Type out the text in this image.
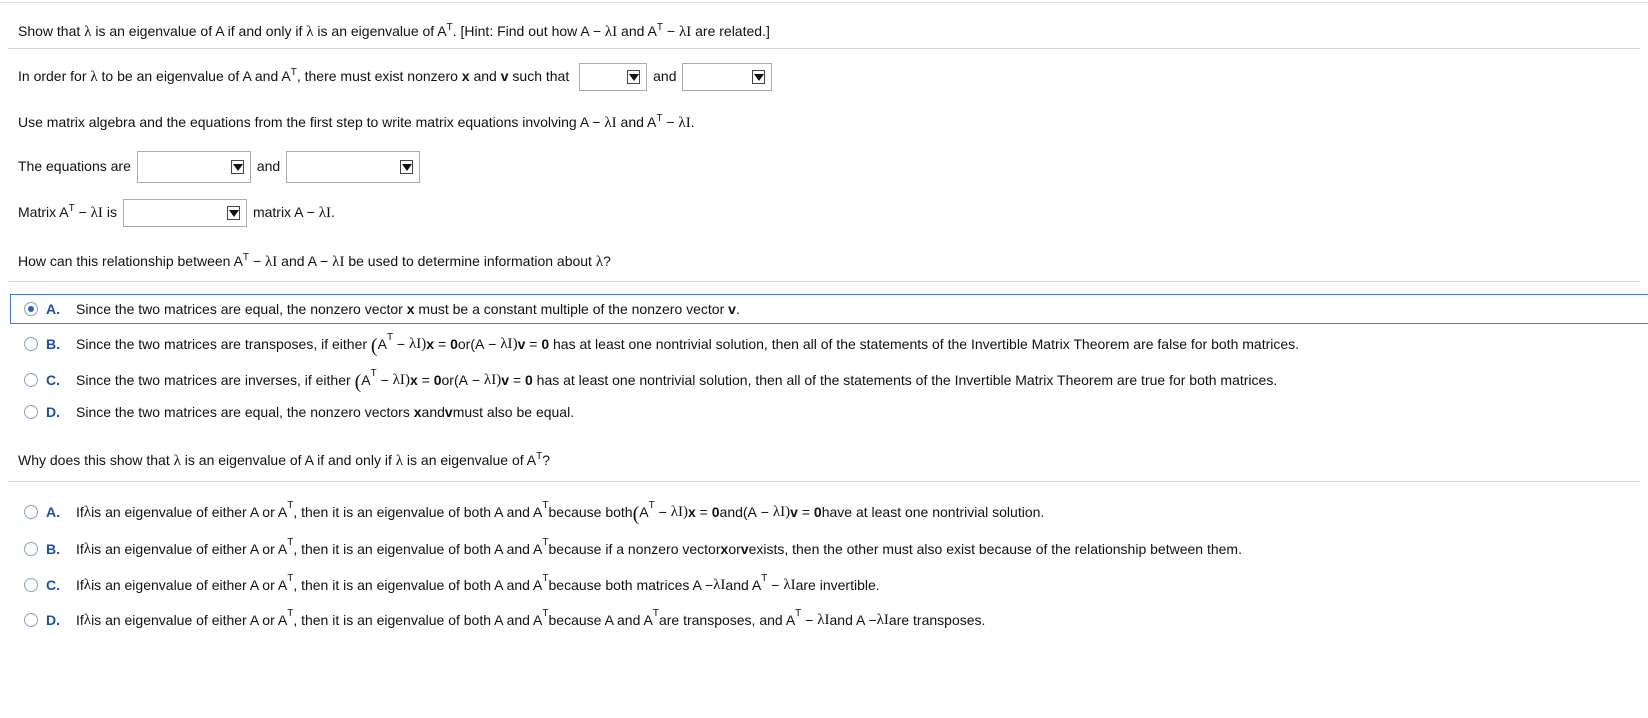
Show that λ is an eigenvalue of A if and only if λ is an eigenvalue of $A^T$. [Hint: Find out how A − λI and $A^T - \lambda I$ are related.]
In order for λ to be an eigenvalue of A and $A^T$, there must exist nonzero x and v such that	and
Use matrix algebra and the equations from the first step to write matrix equations involving A − λI and $A^T - \lambda I$.
The equations are	and
Matrix $A^T - \lambda I$ is	matrix A − λI.
How can this relationship between $A^T - \lambda I$ and A − λI be used to determine information about λ?
A.	Since the two matrices are equal, the nonzero vector
x
must be a constant multiple of the nonzero vector
v .
B.	Since the two matrices are transposes, if either
( $A^T - \lambda I$ ) x = 0 or (A − λI ) v = 0
has at least one nontrivial solution, then all of the statements of the Invertible Matrix Theorem are false for both matrices.
C.	Since the two matrices are inverses, if either
( $A^T - \lambda I$ ) x = 0 or (A − λI ) v = 0
has at least one nontrivial solution, then all of the statements of the Invertible Matrix Theorem are true for both matrices.
D.	Since the two matrices are equal, the nonzero vectors
x and v must also be equal.
Why does this show that λ is an eigenvalue of A if and only if λ is an eigenvalue of $A^T$?
A.	If λ is an eigenvalue of either A or $A^T$ , then it is an eigenvalue of both A and $A^T$ because both ( $A^T - \lambda I$ ) x = 0 and (A − λI ) v = 0 have at least one nontrivial solution.
B.	If λ is an eigenvalue of either A or $A^T$ , then it is an eigenvalue of both A and $A^T$ because if a nonzero vector x or v exists, then the other must also exist because of the relationship between them.
C.	If λ is an eigenvalue of either A or $A^T$ , then it is an eigenvalue of both A and $A^T$ because both matrices A − λI and $A^T - \lambda I$ are invertible.
D.	If λ is an eigenvalue of either A or $A^T$ , then it is an eigenvalue of both A and $A^T$ because A and $A^T$ are transposes, and $A^T - \lambda I$ and A − λI are transposes.
